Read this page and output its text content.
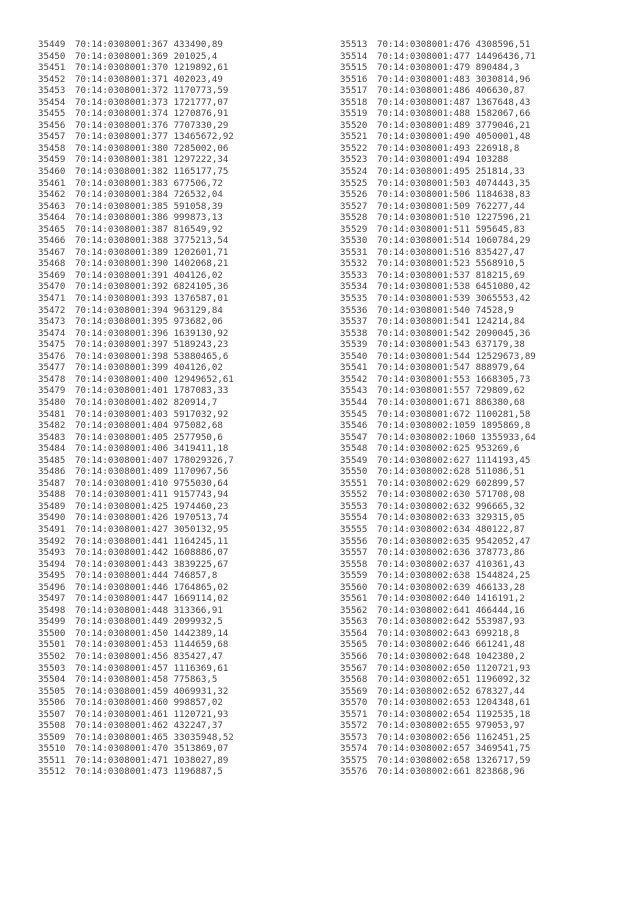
35449 70:14:0308001:367 433490,89
35450 70:14:0308001:369 201025,4
35451 70:14:0308001:370 1219892,61
35452 70:14:0308001:371 402023,49
35453 70:14:0308001:372 1170773,59
35454 70:14:0308001:373 1721777,07
35455 70:14:0308001:374 1270876,91
35456 70:14:0308001:376 7707330,29
35457 70:14:0308001:377 13465672,92
35458 70:14:0308001:380 7285002,06
35459 70:14:0308001:381 1297222,34
35460 70:14:0308001:382 1165177,75
35461 70:14:0308001:383 677506,72
35462 70:14:0308001:384 726532,04
35463 70:14:0308001:385 591058,39
35464 70:14:0308001:386 999873,13
35465 70:14:0308001:387 816549,92
35466 70:14:0308001:388 3775213,54
35467 70:14:0308001:389 1202601,71
35468 70:14:0308001:390 1402068,21
35469 70:14:0308001:391 404126,02
35470 70:14:0308001:392 6824105,36
35471 70:14:0308001:393 1376587,01
35472 70:14:0308001:394 963129,84
35473 70:14:0308001:395 973682,06
35474 70:14:0308001:396 1639130,92
35475 70:14:0308001:397 5189243,23
35476 70:14:0308001:398 53880465,6
35477 70:14:0308001:399 404126,02
35478 70:14:0308001:400 12949652,61
35479 70:14:0308001:401 1787083,33
35480 70:14:0308001:402 820914,7
35481 70:14:0308001:403 5917032,92
35482 70:14:0308001:404 975082,68
35483 70:14:0308001:405 2577950,6
35484 70:14:0308001:406 3419411,18
35485 70:14:0308001:407 178029326,7
35486 70:14:0308001:409 1170967,56
35487 70:14:0308001:410 9755030,64
35488 70:14:0308001:411 9157743,94
35489 70:14:0308001:425 1974460,23
35490 70:14:0308001:426 1970513,74
35491 70:14:0308001:427 3050132,95
35492 70:14:0308001:441 1164245,11
35493 70:14:0308001:442 1608886,07
35494 70:14:0308001:443 3839225,67
35495 70:14:0308001:444 746857,8
35496 70:14:0308001:446 1764865,02
35497 70:14:0308001:447 1669114,02
35498 70:14:0308001:448 313366,91
35499 70:14:0308001:449 2099932,5
35500 70:14:0308001:450 1442389,14
35501 70:14:0308001:453 1144659,68
35502 70:14:0308001:456 835427,47
35503 70:14:0308001:457 1116369,61
35504 70:14:0308001:458 775863,5
35505 70:14:0308001:459 4069931,32
35506 70:14:0308001:460 998857,02
35507 70:14:0308001:461 1120721,93
35508 70:14:0308001:462 432247,37
35509 70:14:0308001:465 33035948,52
35510 70:14:0308001:470 3513869,07
35511 70:14:0308001:471 1038027,89
35512 70:14:0308001:473 1196887,5
35513 70:14:0308001:476 4308596,51
35514 70:14:0308001:477 14496436,71
35515 70:14:0308001:479 890484,3
35516 70:14:0308001:483 3030814,96
35517 70:14:0308001:486 406630,87
35518 70:14:0308001:487 1367648,43
35519 70:14:0308001:488 1582067,66
35520 70:14:0308001:489 3779046,21
35521 70:14:0308001:490 4050001,48
35522 70:14:0308001:493 226918,8
35523 70:14:0308001:494 103288
35524 70:14:0308001:495 251814,33
35525 70:14:0308001:503 4074443,35
35526 70:14:0308001:506 1184638,83
35527 70:14:0308001:509 762277,44
35528 70:14:0308001:510 1227596,21
35529 70:14:0308001:511 595645,83
35530 70:14:0308001:514 1060784,29
35531 70:14:0308001:516 835427,47
35532 70:14:0308001:523 5568910,5
35533 70:14:0308001:537 818215,69
35534 70:14:0308001:538 6451080,42
35535 70:14:0308001:539 3065553,42
35536 70:14:0308001:540 74528,9
35537 70:14:0308001:541 124214,84
35538 70:14:0308001:542 2090045,36
35539 70:14:0308001:543 637179,38
35540 70:14:0308001:544 12529673,89
35541 70:14:0308001:547 888979,64
35542 70:14:0308001:553 1668305,73
35543 70:14:0308001:557 729809,62
35544 70:14:0308001:671 886380,68
35545 70:14:0308001:672 1100281,58
35546 70:14:0308002:1059 1895869,8
35547 70:14:0308002:1060 1355933,64
35548 70:14:0308002:625 953269,6
35549 70:14:0308002:627 1114193,45
35550 70:14:0308002:628 511086,51
35551 70:14:0308002:629 602899,57
35552 70:14:0308002:630 571708,08
35553 70:14:0308002:632 996665,32
35554 70:14:0308002:633 329315,05
35555 70:14:0308002:634 480122,87
35556 70:14:0308002:635 9542052,47
35557 70:14:0308002:636 378773,86
35558 70:14:0308002:637 410361,43
35559 70:14:0308002:638 1544824,25
35560 70:14:0308002:639 466133,28
35561 70:14:0308002:640 1416191,2
35562 70:14:0308002:641 466444,16
35563 70:14:0308002:642 553987,93
35564 70:14:0308002:643 699218,8
35565 70:14:0308002:646 661241,48
35566 70:14:0308002:648 1042380,2
35567 70:14:0308002:650 1120721,93
35568 70:14:0308002:651 1196092,32
35569 70:14:0308002:652 678327,44
35570 70:14:0308002:653 1204348,61
35571 70:14:0308002:654 1192535,18
35572 70:14:0308002:655 979053,97
35573 70:14:0308002:656 1162451,25
35574 70:14:0308002:657 3469541,75
35575 70:14:0308002:658 1326717,59
35576 70:14:0308002:661 823868,96
